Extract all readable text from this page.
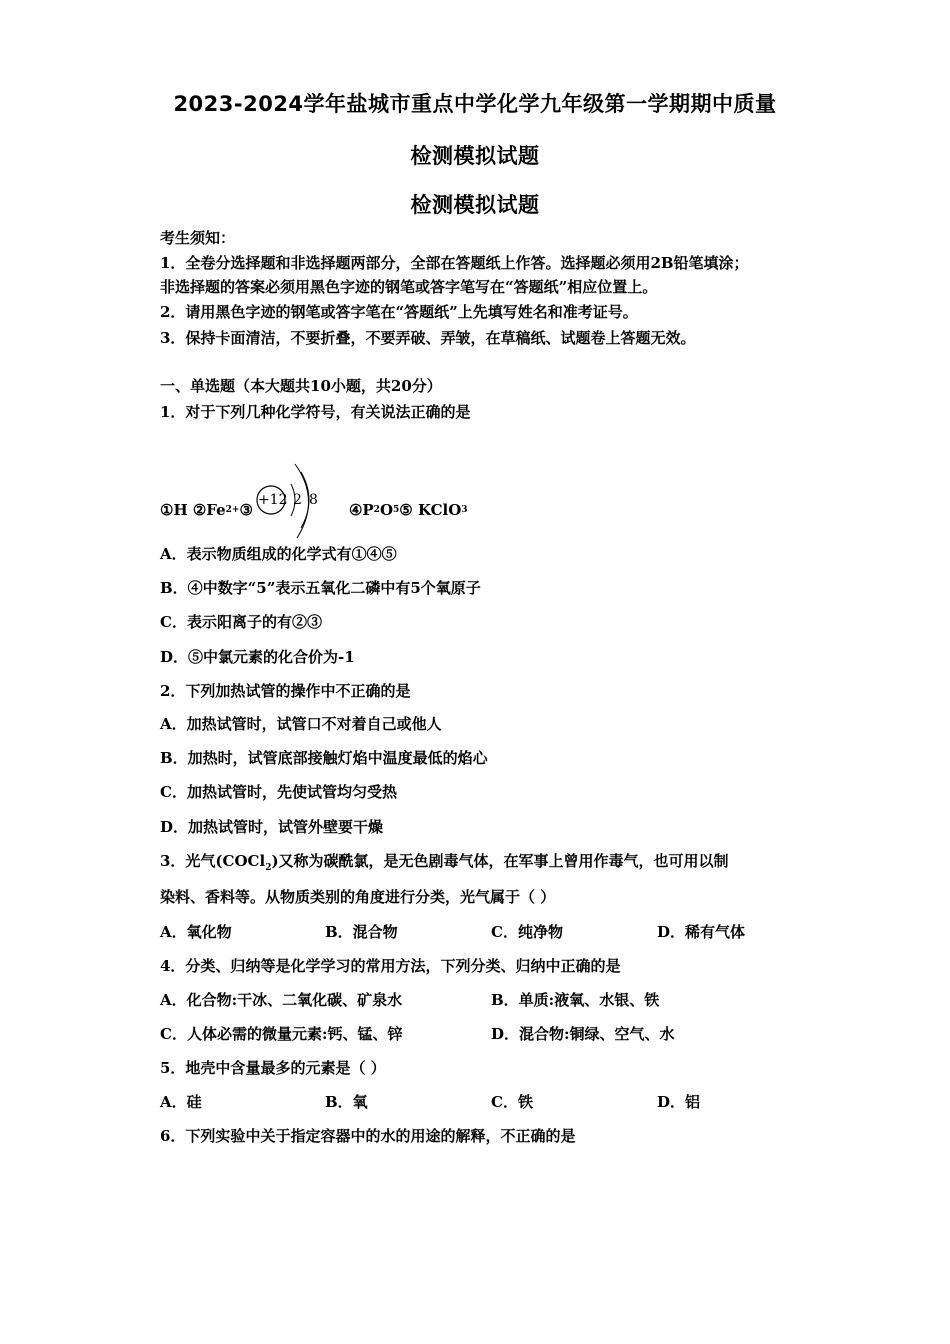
2023-2024学年盐城市重点中学化学九年级第一学期期中质量
检测模拟试题
检测模拟试题
考生须知：
1．全卷分选择题和非选择题两部分，全部在答题纸上作答。选择题必须用2B铅笔填涂；
非选择题的答案必须用黑色字迹的钢笔或答字笔写在“答题纸”相应位置上。
2．请用黑色字迹的钢笔或答字笔在“答题纸”上先填写姓名和准考证号。
3．保持卡面清洁，不要折叠，不要弄破、弄皱，在草稿纸、试题卷上答题无效。
一、单选题（本大题共10小题，共20分）
1．对于下列几种化学符号，有关说法正确的是
①H ②Fe 2+ ③
+12 2 8
④P 2 O 5 ⑤ KClO 3
A．表示物质组成的化学式有①④⑤
B．④中数字“5”表示五氧化二磷中有5个氧原子
C．表示阳离子的有②③
D．⑤中氯元素的化合价为-1
2．下列加热试管的操作中不正确的是
A．加热试管时，试管口不对着自己或他人
B．加热时，试管底部接触灯焰中温度最低的焰心
C．加热试管时，先使试管均匀受热
D．加热试管时，试管外壁要干燥
3．光气(COCl$_2$)又称为碳酰氯，是无色剧毒气体，在军事上曾用作毒气，也可用以制
染料、香料等。从物质类别的角度进行分类，光气属于（ ）
A．氧化物	B．混合物	C．纯净物	D．稀有气体
4．分类、归纳等是化学学习的常用方法，下列分类、归纳中正确的是
A．化合物:干冰、二氧化碳、矿泉水	B．单质:液氧、水银、铁
C．人体必需的微量元素:钙、锰、锌	D．混合物:铜绿、空气、水
5．地壳中含量最多的元素是（ ）
A．硅	B．氧	C．铁	D．铝
6．下列实验中关于指定容器中的水的用途的解释，不正确的是
